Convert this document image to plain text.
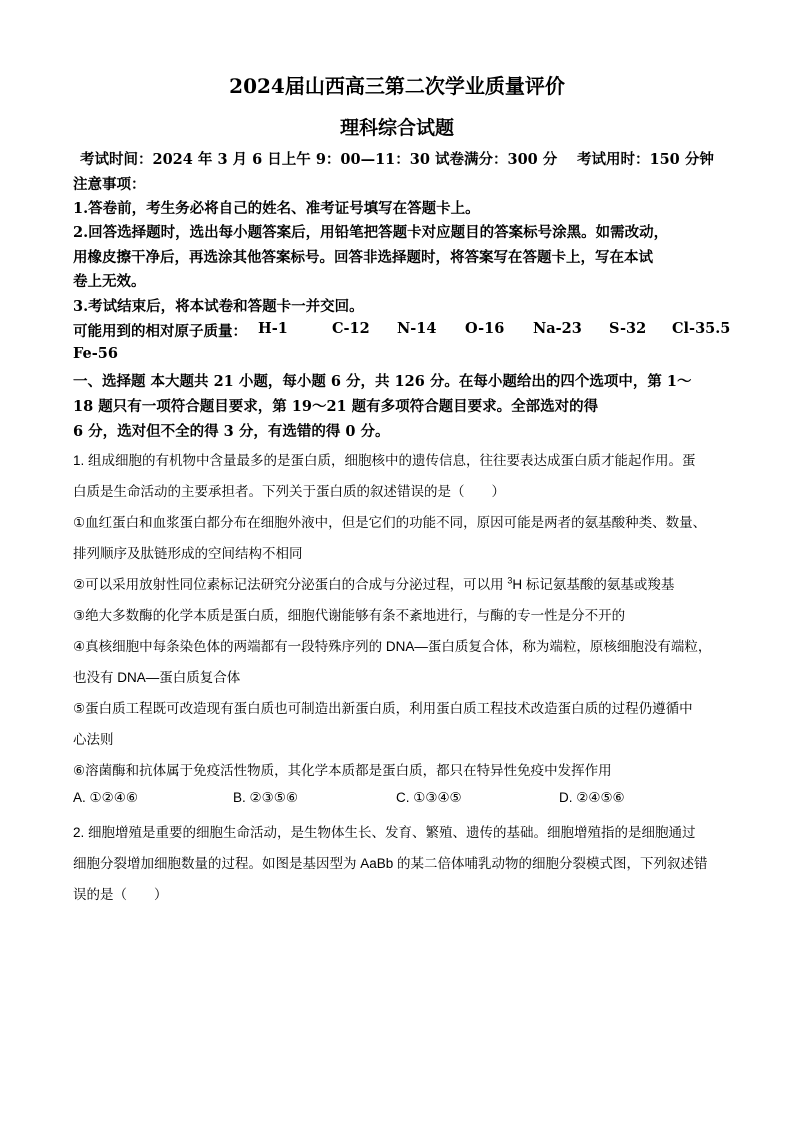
2024届山西高三第二次学业质量评价
理科综合试题
考试时间：2024 年 3 月 6 日上午 9：00—11：30 试卷满分：300 分 考试用时：150 分钟
注意事项：
1.答卷前，考生务必将自己的姓名、准考证号填写在答题卡上。
2.回答选择题时，选出每小题答案后，用铅笔把答题卡对应题目的答案标号涂黑。如需改动，
用橡皮擦干净后，再选涂其他答案标号。回答非选择题时，将答案写在答题卡上，写在本试
卷上无效。
3.考试结束后，将本试卷和答题卡一并交回。
可能用到的相对原子质量： H-1	C-12 N-14 O-16 Na-23 S-32 Cl-35.5
Fe-56
一、选择题 本大题共 21 小题，每小题 6 分，共 126 分。在每小题给出的四个选项中，第 1～
18 题只有一项符合题目要求，第 19～21 题有多项符合题目要求。全部选对的得
6 分，选对但不全的得 3 分，有选错的得 0 分。
1. 组成细胞的有机物中含量最多的是蛋白质，细胞核中的遗传信息，往往要表达成蛋白质才能起作用。蛋
白质是生命活动的主要承担者。下列关于蛋白质的叙述错误的是（　　）
①血红蛋白和血浆蛋白都分布在细胞外液中，但是它们的功能不同，原因可能是两者的氨基酸种类、数量、
排列顺序及肽链形成的空间结构不相同
②可以采用放射性同位素标记法研究分泌蛋白的合成与分泌过程，可以用 $^3$H 标记氨基酸的氨基或羧基
③绝大多数酶的化学本质是蛋白质，细胞代谢能够有条不紊地进行，与酶的专一性是分不开的
④真核细胞中每条染色体的两端都有一段特殊序列的 DNA—蛋白质复合体，称为端粒，原核细胞没有端粒，
也没有 DNA—蛋白质复合体
⑤蛋白质工程既可改造现有蛋白质也可制造出新蛋白质，利用蛋白质工程技术改造蛋白质的过程仍遵循中
心法则
⑥溶菌酶和抗体属于免疫活性物质，其化学本质都是蛋白质，都只在特异性免疫中发挥作用
A. ①②④⑥	B. ②③⑤⑥	C. ①③④⑤	D. ②④⑤⑥
2. 细胞增殖是重要的细胞生命活动，是生物体生长、发育、繁殖、遗传的基础。细胞增殖指的是细胞通过
细胞分裂增加细胞数量的过程。如图是基因型为 AaBb 的某二倍体哺乳动物的细胞分裂模式图，下列叙述错
误的是（　　）
